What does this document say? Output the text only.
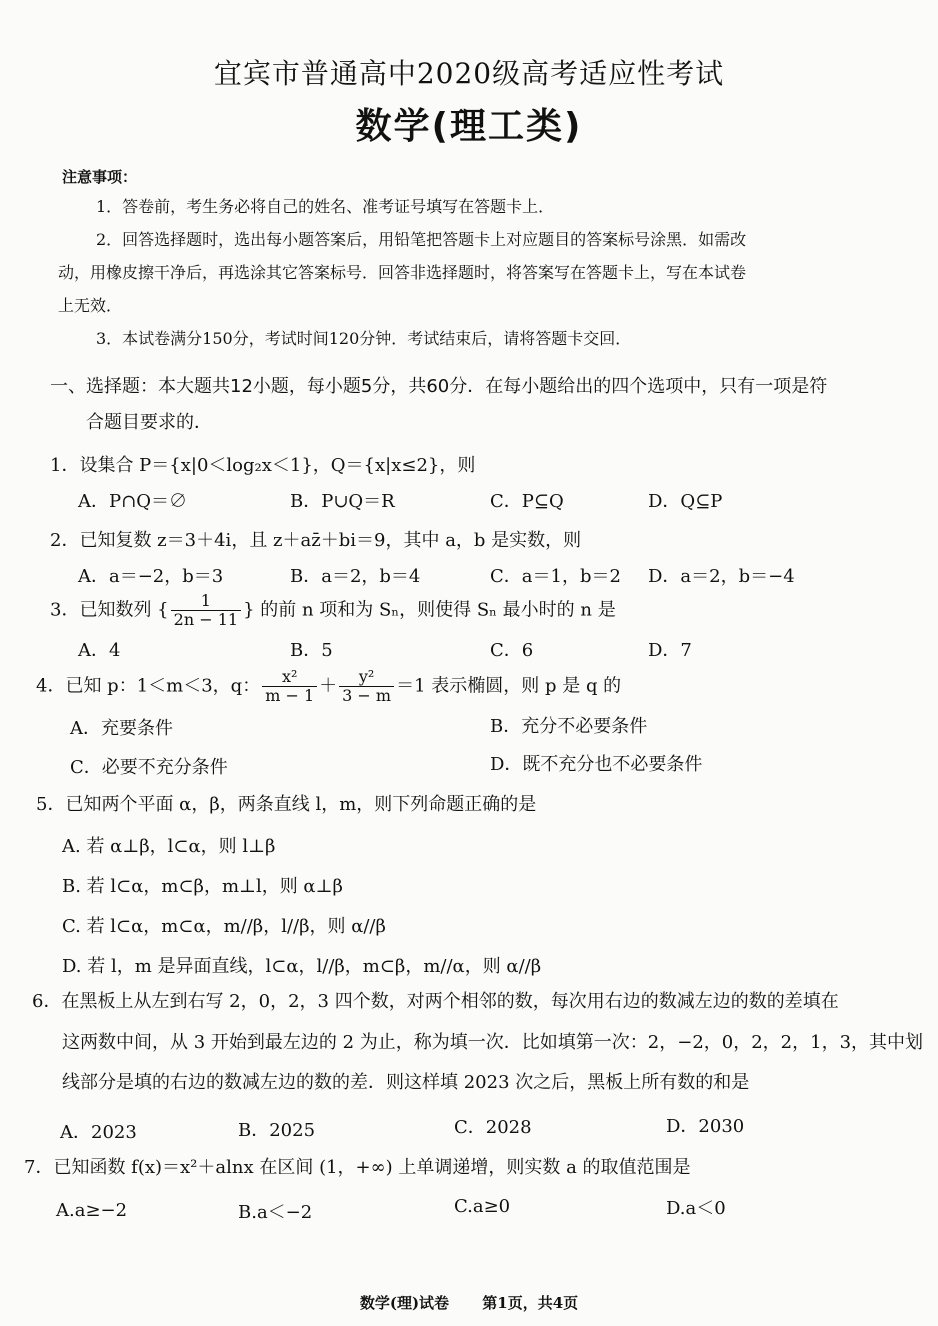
宜宾市普通高中2020级高考适应性考试
数学(理工类)
注意事项：
1．答卷前，考生务必将自己的姓名、准考证号填写在答题卡上．
2．回答选择题时，选出每小题答案后，用铅笔把答题卡上对应题目的答案标号涂黑．如需改
动，用橡皮擦干净后，再选涂其它答案标号．回答非选择题时，将答案写在答题卡上，写在本试卷
上无效．
3．本试卷满分150分，考试时间120分钟．考试结束后，请将答题卡交回．
一、选择题：本大题共12小题，每小题5分，共60分．在每小题给出的四个选项中，只有一项是符
合题目要求的．
1．设集合 P＝{x|0＜log₂x＜1}，Q＝{x|x≤2}，则
A．P∩Q＝∅	B．P∪Q＝R	C．P⊆Q	D．Q⊆P
2．已知复数 z＝3＋4i，且 z＋az̄＋bi＝9，其中 a，b 是实数，则
A．a＝−2，b＝3	B．a＝2，b＝4	C．a＝1，b＝2 D．a＝2，b＝−4
3．已知数列 { $\frac{1}{2n - 11}$ } 的前 n 项和为 Sₙ，则使得 Sₙ 最小时的 n 是
A．4	B．5	C．6	D．7
4．已知 p：1＜m＜3，q： $\frac{\text{x²}}{m - 1} + \frac{\text{y²}}{3 - m} =1$ 表示椭圆，则 p 是 q 的
A．充要条件	B．充分不必要条件
C．必要不充分条件	D．既不充分也不必要条件
5．已知两个平面 α，β，两条直线 l，m，则下列命题正确的是
A. 若 α⊥β，l⊂α，则 l⊥β
B. 若 l⊂α，m⊂β，m⊥l，则 α⊥β
C. 若 l⊂α，m⊂α，m//β，l//β，则 α//β
D. 若 l，m 是异面直线，l⊂α，l//β，m⊂β，m//α，则 α//β
6．在黑板上从左到右写 2，0，2，3 四个数，对两个相邻的数，每次用右边的数减左边的数的差填在
这两数中间，从 3 开始到最左边的 2 为止，称为填一次．比如填第一次：2，−2，0，2，2，1，3，其中划
线部分是填的右边的数减左边的数的差．则这样填 2023 次之后，黑板上所有数的和是
A．2023	B．2025	C．2028	D．2030
7．已知函数 f(x)＝x²＋alnx 在区间 (1，+∞) 上单调递增，则实数 a 的取值范围是
A.a≥−2	B.a＜−2	C.a≥0	D.a＜0
数学(理)试卷 第1页，共4页
